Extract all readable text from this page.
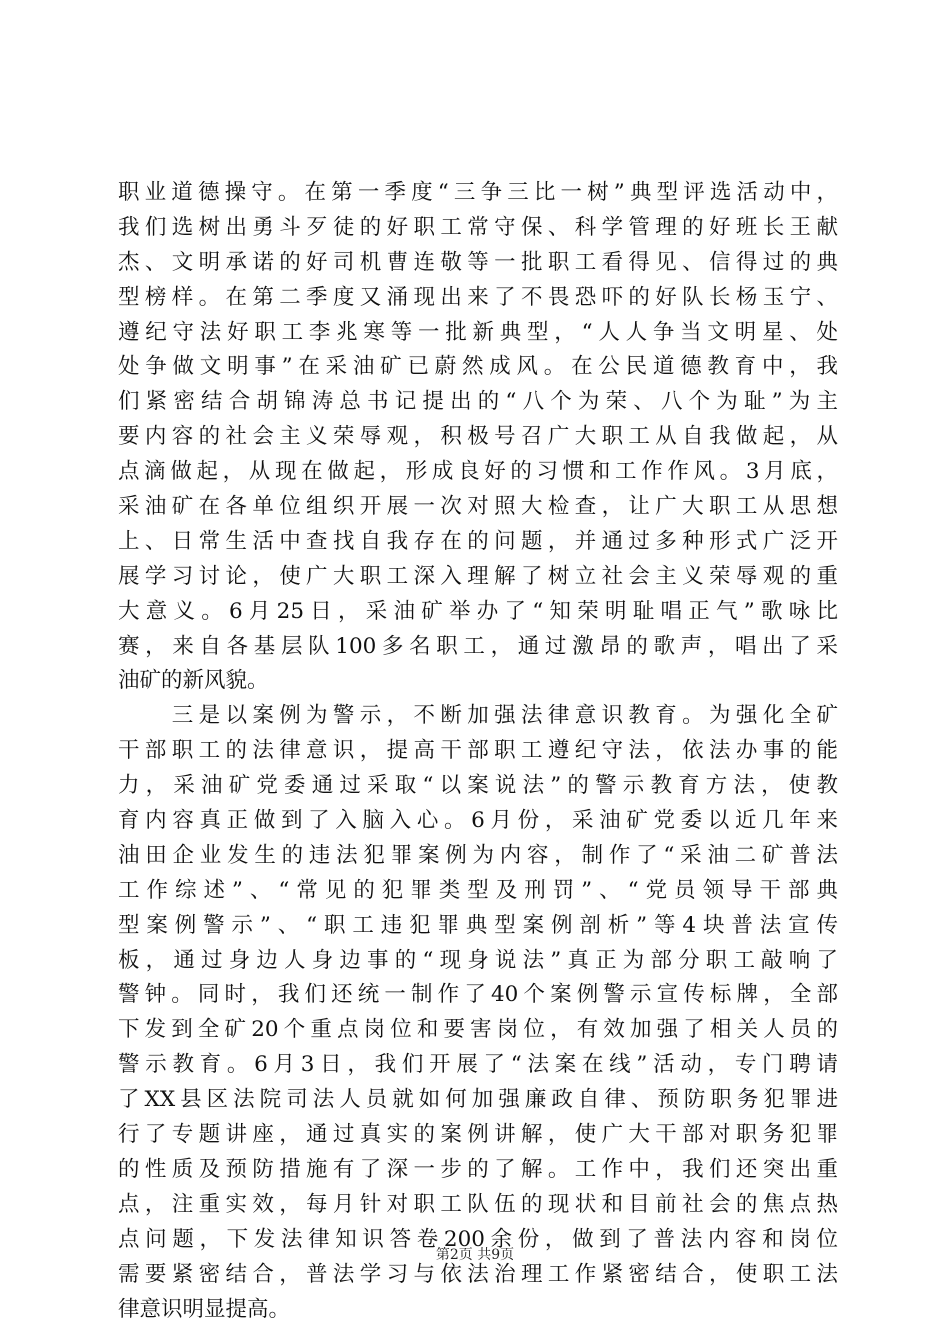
职业道德操守。在第一季度“三争三比一树”典型评选活动中，
我们选树出勇斗歹徒的好职工常守保、科学管理的好班长王献
杰、文明承诺的好司机曹连敬等一批职工看得见、信得过的典
型榜样。在第二季度又涌现出来了不畏恐吓的好队长杨玉宁、
遵纪守法好职工李兆寒等一批新典型，“人人争当文明星、处
处争做文明事”在采油矿已蔚然成风。在公民道德教育中，我
们紧密结合胡锦涛总书记提出的“八个为荣、八个为耻”为主
要内容的社会主义荣辱观，积极号召广大职工从自我做起，从
点滴做起，从现在做起，形成良好的习惯和工作作风。3月底，
采油矿在各单位组织开展一次对照大检查，让广大职工从思想
上、日常生活中查找自我存在的问题，并通过多种形式广泛开
展学习讨论，使广大职工深入理解了树立社会主义荣辱观的重
大意义。6月25日，采油矿举办了“知荣明耻唱正气”歌咏比
赛，来自各基层队100多名职工，通过激昂的歌声，唱出了采
油矿的新风貌。
　　三是以案例为警示，不断加强法律意识教育。为强化全矿
干部职工的法律意识，提高干部职工遵纪守法，依法办事的能
力，采油矿党委通过采取“以案说法”的警示教育方法，使教
育内容真正做到了入脑入心。6月份，采油矿党委以近几年来
油田企业发生的违法犯罪案例为内容，制作了“采油二矿普法
工作综述”、“常见的犯罪类型及刑罚”、“党员领导干部典
型案例警示”、“职工违犯罪典型案例剖析”等4块普法宣传
板，通过身边人身边事的“现身说法”真正为部分职工敲响了
警钟。同时，我们还统一制作了40个案例警示宣传标牌，全部
下发到全矿20个重点岗位和要害岗位，有效加强了相关人员的
警示教育。6月3日，我们开展了“法案在线”活动，专门聘请
了XX县区法院司法人员就如何加强廉政自律、预防职务犯罪进
行了专题讲座，通过真实的案例讲解，使广大干部对职务犯罪
的性质及预防措施有了深一步的了解。工作中，我们还突出重
点，注重实效，每月针对职工队伍的现状和目前社会的焦点热
点问题，下发法律知识答卷200余份，做到了普法内容和岗位
需要紧密结合，普法学习与依法治理工作紧密结合，使职工法
律意识明显提高。
第2页 共9页
